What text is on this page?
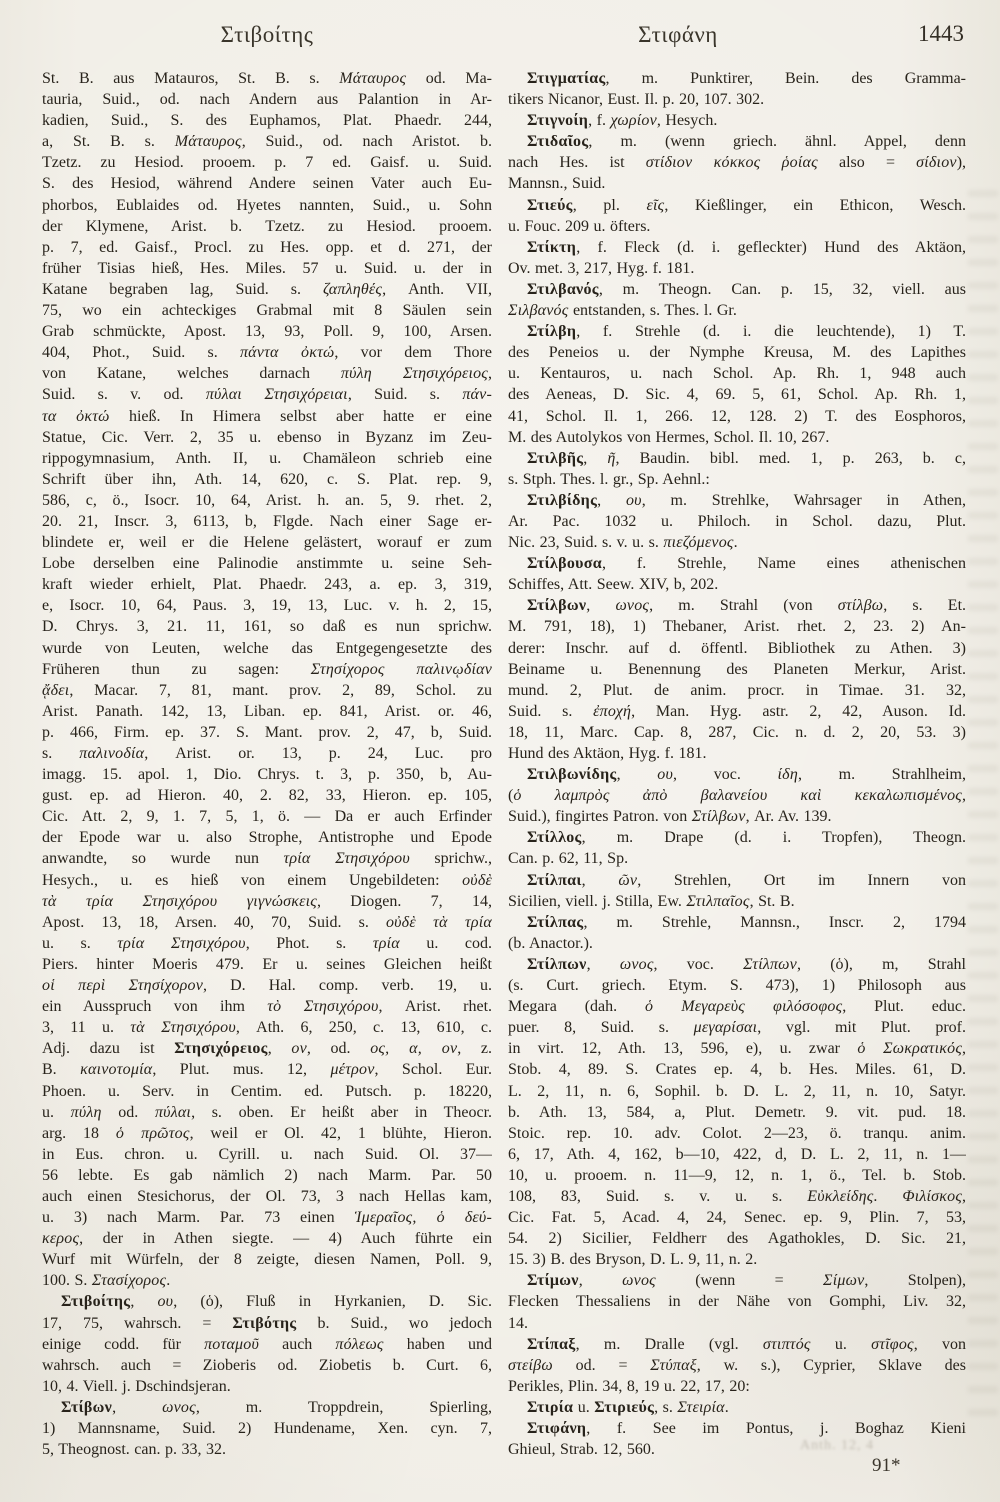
Στιβοίτης	Στιφάνη	1443
St. B. aus Matauros, St. B. s. Μάταυρος od. Ma-
tauria, Suid., od. nach Andern aus Palantion in Ar-
kadien, Suid., S. des Euphamos, Plat. Phaedr. 244,
a, St. B. s. Μάταυρος, Suid., od. nach Aristot. b.
Tzetz. zu Hesiod. prooem. p. 7 ed. Gaisf. u. Suid.
S. des Hesiod, während Andere seinen Vater auch Eu-
phorbos, Eublaides od. Hyetes nannten, Suid., u. Sohn
der Klymene, Arist. b. Tzetz. zu Hesiod. prooem.
p. 7, ed. Gaisf., Procl. zu Hes. opp. et d. 271, der
früher Tisias hieß, Hes. Miles. 57 u. Suid. u. der in
Katane begraben lag, Suid. s. ζαπληθές, Anth. VII,
75, wo ein achteckiges Grabmal mit 8 Säulen sein
Grab schmückte, Apost. 13, 93, Poll. 9, 100, Arsen.
404, Phot., Suid. s. πάντα ὀκτώ, vor dem Thore
von Katane, welches darnach πύλη Στησιχόρειος,
Suid. s. v. od. πύλαι Στησιχόρειαι, Suid. s. πάν-
τα ὀκτώ hieß. In Himera selbst aber hatte er eine
Statue, Cic. Verr. 2, 35 u. ebenso in Byzanz im Zeu-
rippogymnasium, Anth. II, u. Chamäleon schrieb eine
Schrift über ihn, Ath. 14, 620, c. S. Plat. rep. 9,
586, c, ö., Isocr. 10, 64, Arist. h. an. 5, 9. rhet. 2,
20. 21, Inscr. 3, 6113, b, Flgde. Nach einer Sage er-
blindete er, weil er die Helene gelästert, worauf er zum
Lobe derselben eine Palinodie anstimmte u. seine Seh-
kraft wieder erhielt, Plat. Phaedr. 243, a. ep. 3, 319,
e, Isocr. 10, 64, Paus. 3, 19, 13, Luc. v. h. 2, 15,
D. Chrys. 3, 21. 11, 161, so daß es nun sprichw.
wurde von Leuten, welche das Entgegengesetzte des
Früheren thun zu sagen: Στησίχορος παλινῳδίαν
ᾄδει, Macar. 7, 81, mant. prov. 2, 89, Schol. zu
Arist. Panath. 142, 13, Liban. ep. 841, Arist. or. 46,
p. 466, Firm. ep. 37. S. Mant. prov. 2, 47, b, Suid.
s. παλινοδία, Arist. or. 13, p. 24, Luc. pro
imagg. 15. apol. 1, Dio. Chrys. t. 3, p. 350, b, Au-
gust. ep. ad Hieron. 40, 2. 82, 33, Hieron. ep. 105,
Cic. Att. 2, 9, 1. 7, 5, 1, ö. — Da er auch Erfinder
der Epode war u. also Strophe, Antistrophe und Epode
anwandte, so wurde nun τρία Στησιχόρου sprichw.,
Hesych., u. es hieß von einem Ungebildeten: οὐδὲ
τὰ τρία Στησιχόρου γιγνώσκεις, Diogen. 7, 14,
Apost. 13, 18, Arsen. 40, 70, Suid. s. οὐδὲ τὰ τρία
u. s. τρία Στησιχόρου, Phot. s. τρία u. cod.
Piers. hinter Moeris 479. Er u. seines Gleichen heißt
οἱ περὶ Στησίχορον, D. Hal. comp. verb. 19, u.
ein Ausspruch von ihm τὸ Στησιχόρου, Arist. rhet.
3, 11 u. τὰ Στησιχόρου, Ath. 6, 250, c. 13, 610, c.
Adj. dazu ist Στησιχόρειος, ον, od. ος, α, ον, z.
B. καινοτομία, Plut. mus. 12, μέτρον, Schol. Eur.
Phoen. u. Serv. in Centim. ed. Putsch. p. 18220,
u. πύλη od. πύλαι, s. oben. Er heißt aber in Theocr.
arg. 18 ὁ πρῶτος, weil er Ol. 42, 1 blühte, Hieron.
in Eus. chron. u. Cyrill. u. nach Suid. Ol. 37—
56 lebte. Es gab nämlich 2) nach Marm. Par. 50
auch einen Stesichorus, der Ol. 73, 3 nach Hellas kam,
u. 3) nach Marm. Par. 73 einen Ἱμεραῖος, ὁ δεύ-
κερος, der in Athen siegte. — 4) Auch führte ein
Wurf mit Würfeln, der 8 zeigte, diesen Namen, Poll. 9,
100. S. Στασίχορος.
Στιβοίτης, ου, (ὁ), Fluß in Hyrkanien, D. Sic.
17, 75, wahrsch. = Στιβότης b. Suid., wo jedoch
einige codd. für ποταμοῦ auch πόλεως haben und
wahrsch. auch = Zioberis od. Ziobetis b. Curt. 6,
10, 4. Viell. j. Dschindsjeran.
Στίβων, ωνος, m. Troppdrein, Spierling,
1) Mannsname, Suid. 2) Hundename, Xen. cyn. 7,
5, Theognost. can. p. 33, 32.
Στιγματίας, m. Punktirer, Bein. des Gramma-
tikers Nicanor, Eust. Il. p. 20, 107. 302.
Στιγνοίη, f. χωρίον, Hesych.
Στιδαῖος, m. (wenn griech. ähnl. Appel, denn
nach Hes. ist στίδιον κόκκος ῥοίας also = σίδιον),
Mannsn., Suid.
Στιεύς, pl. εῖς, Kießlinger, ein Ethicon, Wesch.
u. Fouc. 209 u. öfters.
Στίκτη, f. Fleck (d. i. gefleckter) Hund des Aktäon,
Ov. met. 3, 217, Hyg. f. 181.
Στιλβανός, m. Theogn. Can. p. 15, 32, viell. aus
Σιλβανός entstanden, s. Thes. l. Gr.
Στίλβη, f. Strehle (d. i. die leuchtende), 1) T.
des Peneios u. der Nymphe Kreusa, M. des Lapithes
u. Kentauros, u. nach Schol. Ap. Rh. 1, 948 auch
des Aeneas, D. Sic. 4, 69. 5, 61, Schol. Ap. Rh. 1,
41, Schol. Il. 1, 266. 12, 128. 2) T. des Eosphoros,
M. des Autolykos von Hermes, Schol. Il. 10, 267.
Στιλβῆς, ῆ, Baudin. bibl. med. 1, p. 263, b. c,
s. Stph. Thes. l. gr., Sp. Aehnl.:
Στιλβίδης, ου, m. Strehlke, Wahrsager in Athen,
Ar. Pac. 1032 u. Philoch. in Schol. dazu, Plut.
Nic. 23, Suid. s. v. u. s. πιεζόμενος.
Στίλβουσα, f. Strehle, Name eines athenischen
Schiffes, Att. Seew. XIV, b, 202.
Στίλβων, ωνος, m. Strahl (von στίλβω, s. Et.
M. 791, 18), 1) Thebaner, Arist. rhet. 2, 23. 2) An-
derer: Inschr. auf d. öffentl. Bibliothek zu Athen. 3)
Beiname u. Benennung des Planeten Merkur, Arist.
mund. 2, Plut. de anim. procr. in Timae. 31. 32,
Suid. s. ἐποχή, Man. Hyg. astr. 2, 42, Auson. Id.
18, 11, Marc. Cap. 8, 287, Cic. n. d. 2, 20, 53. 3)
Hund des Aktäon, Hyg. f. 181.
Στιλβωνίδης, ου, voc. ίδη, m. Strahlheim,
(ὁ λαμπρὸς ἀπὸ βαλανείου καὶ κεκαλωπισμένος,
Suid.), fingirtes Patron. von Στίλβων, Ar. Av. 139.
Στίλλος, m. Drape (d. i. Tropfen), Theogn.
Can. p. 62, 11, Sp.
Στίλπαι, ῶν, Strehlen, Ort im Innern von
Sicilien, viell. j. Stilla, Ew. Στιλπαῖος, St. B.
Στίλπας, m. Strehle, Mannsn., Inscr. 2, 1794
(b. Anactor.).
Στίλπων, ωνος, voc. Στίλπων, (ὁ), m, Strahl
(s. Curt. griech. Etym. S. 473), 1) Philosoph aus
Megara (dah. ὁ Μεγαρεὺς φιλόσοφος, Plut. educ.
puer. 8, Suid. s. μεγαρίσαι, vgl. mit Plut. prof.
in virt. 12, Ath. 13, 596, e), u. zwar ὁ Σωκρατικός,
Stob. 4, 89. S. Crates ep. 4, b. Hes. Miles. 61, D.
L. 2, 11, n. 6, Sophil. b. D. L. 2, 11, n. 10, Satyr.
b. Ath. 13, 584, a, Plut. Demetr. 9. vit. pud. 18.
Stoic. rep. 10. adv. Colot. 2—23, ö. tranqu. anim.
6, 17, Ath. 4, 162, b—10, 422, d, D. L. 2, 11, n. 1—
10, u. prooem. n. 11—9, 12, n. 1, ö., Tel. b. Stob.
108, 83, Suid. s. v. u. s. Εὐκλείδης. Φιλίσκος,
Cic. Fat. 5, Acad. 4, 24, Senec. ep. 9, Plin. 7, 53,
54. 2) Sicilier, Feldherr des Agathokles, D. Sic. 21,
15. 3) B. des Bryson, D. L. 9, 11, n. 2.
Στίμων, ωνος (wenn = Σίμων, Stolpen),
Flecken Thessaliens in der Nähe von Gomphi, Liv. 32,
14.
Στίπαξ, m. Dralle (vgl. στιπτός u. στῖφος, von
στείβω od. = Στύπαξ, w. s.), Cyprier, Sklave des
Perikles, Plin. 34, 8, 19 u. 22, 17, 20:
Στιρία u. Στιριεύς, s. Στειρία.
Στιφάνη, f. See im Pontus, j. Boghaz Kieni
Ghieul, Strab. 12, 560.
91*
Anth. 12, 4
